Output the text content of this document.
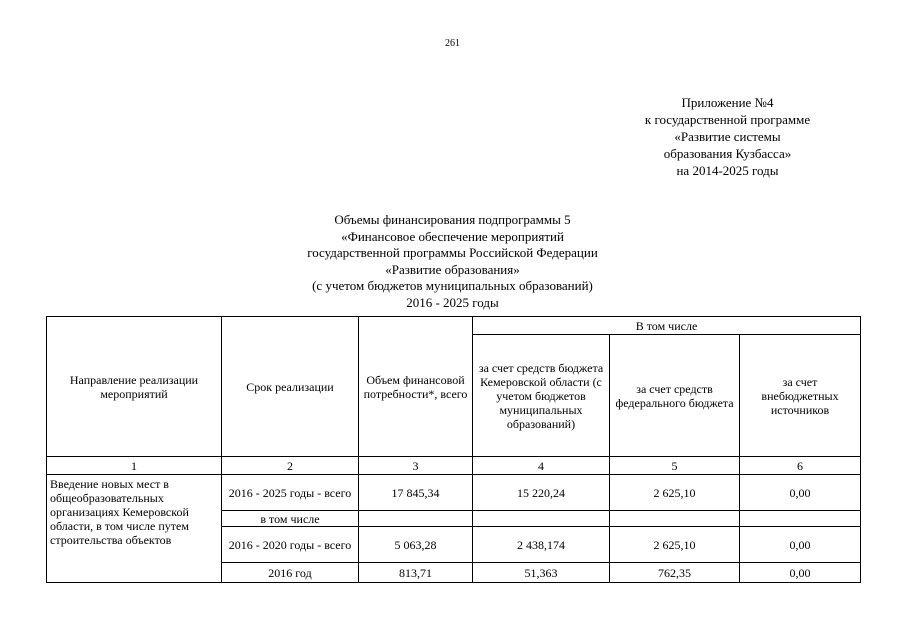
261
Приложение №4
к государственной программе
«Развитие системы
образования Кузбасса»
на 2014-2025 годы
Объемы финансирования подпрограммы 5
«Финансовое обеспечение мероприятий
государственной программы Российской Федерации
«Развитие образования»
(с учетом бюджетов муниципальных образований)
2016 - 2025 годы
Направление реализации мероприятий	Срок реализации	Объем финансовой потребности*, всего	В том числе		
			за счет средств бюджета Кемеровской области (с учетом бюджетов муниципальных образований)	за счет средств федерального бюджета	за счет внебюджетных источников
1	2	3	4	5	6
Введение новых мест в общеобразовательных организациях Кемеровской области, в том числе путем строительства объектов	2016 - 2025 годы - всего	17 845,34	15 220,24	2 625,10	0,00
	в том числе				
	2016 - 2020 годы - всего	5 063,28	2 438,174	2 625,10	0,00
	2016 год	813,71	51,363	762,35	0,00
